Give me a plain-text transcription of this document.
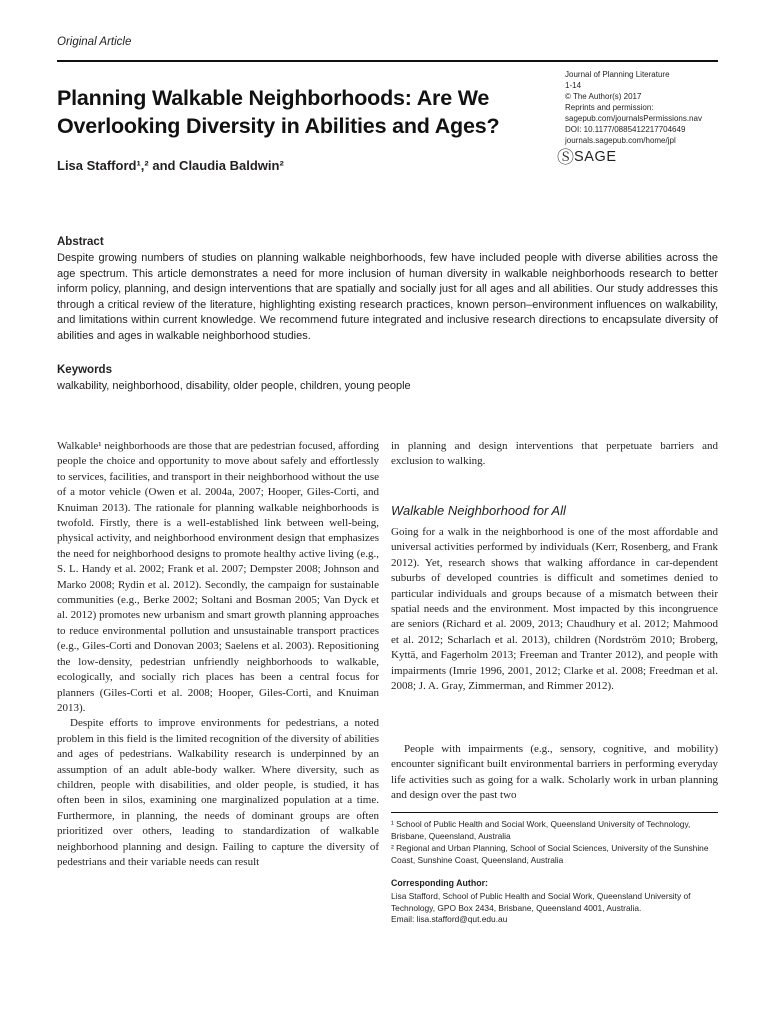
Original Article
Planning Walkable Neighborhoods: Are We
Overlooking Diversity in Abilities and Ages?
Journal of Planning Literature
1-14
© The Author(s) 2017
Reprints and permission:
sagepub.com/journalsPermissions.nav
DOI: 10.1177/0885412217704649
journals.sagepub.com/home/jpl
Ⓢ SAGE
Lisa Stafford¹,² and Claudia Baldwin²
Abstract
Despite growing numbers of studies on planning walkable neighborhoods, few have included people with diverse abilities across the age spectrum. This article demonstrates a need for more inclusion of human diversity in walkable neighborhoods research to better inform policy, planning, and design interventions that are spatially and socially just for all ages and all abilities. Our study addresses this through a critical review of the literature, highlighting existing research practices, known person–environment influences on walkability, and limitations within current knowledge. We recommend future integrated and inclusive research directions to encapsulate diversity of abilities and ages in walkable neighborhood studies.
Keywords
walkability, neighborhood, disability, older people, children, young people

Walkable¹ neighborhoods are those that are pedestrian focused, affording people the choice and opportunity to move about safely and effortlessly to services, facilities, and transport in their neighborhood without the use of a motor vehicle (Owen et al. 2004a, 2007; Hooper, Giles-Corti, and Knuiman 2013). The rationale for planning walkable neighborhoods is twofold. Firstly, there is a well-established link between well-being, physical activity, and neighborhood environment design that emphasizes the need for neighborhood designs to promote healthy active living (e.g., S. L. Handy et al. 2002; Frank et al. 2007; Dempster 2008; Johnson and Marko 2008; Rydin et al. 2012). Secondly, the campaign for sustainable communities (e.g., Berke 2002; Soltani and Bosman 2005; Van Dyck et al. 2012) promotes new urbanism and smart growth planning approaches to reduce environmental pollution and unsustainable transport practices (e.g., Giles-Corti and Donovan 2003; Saelens et al. 2003). Repositioning the low-density, pedestrian unfriendly neighborhoods to walkable, ecologically, and socially rich places has been a central focus for planners (Giles-Corti et al. 2008; Hooper, Giles-Corti, and Knuiman 2013).

Despite efforts to improve environments for pedestrians, a noted problem in this field is the limited recognition of the diversity of abilities and ages of pedestrians. Walkability research is underpinned by an assumption of an adult able-body walker. Where diversity, such as children, people with disabilities, and older people, is studied, it has often been in silos, examining one marginalized population at a time. Furthermore, in planning, the needs of dominant groups are often prioritized over others, leading to standardization of walkable neighborhood planning and design. Failing to capture the diversity of pedestrians and their variable needs can result

in planning and design interventions that perpetuate barriers and exclusion to walking.
Walkable Neighborhood for All
Going for a walk in the neighborhood is one of the most affordable and universal activities performed by individuals (Kerr, Rosenberg, and Frank 2012). Yet, research shows that walking affordance in car-dependent suburbs of developed countries is difficult and sometimes denied to particular individuals and groups because of a mismatch between their spatial needs and the environment. Most impacted by this incongruence are seniors (Richard et al. 2009, 2013; Chaudhury et al. 2012; Mahmood et al. 2012; Scharlach et al. 2013), children (Nordström 2010; Broberg, Kyttä, and Fagerholm 2013; Freeman and Tranter 2012), and people with impairments (Imrie 1996, 2001, 2012; Clarke et al. 2008; Freedman et al. 2008; J. A. Gray, Zimmerman, and Rimmer 2012).
People with impairments (e.g., sensory, cognitive, and mobility) encounter significant built environmental barriers in performing everyday life activities such as going for a walk. Scholarly work in urban planning and design over the past two
¹ School of Public Health and Social Work, Queensland University of Technology, Brisbane, Queensland, Australia
² Regional and Urban Planning, School of Social Sciences, University of the Sunshine Coast, Sunshine Coast, Queensland, Australia
Corresponding Author:
Lisa Stafford, School of Public Health and Social Work, Queensland University of Technology, GPO Box 2434, Brisbane, Queensland 4001, Australia.
Email: lisa.stafford@qut.edu.au
